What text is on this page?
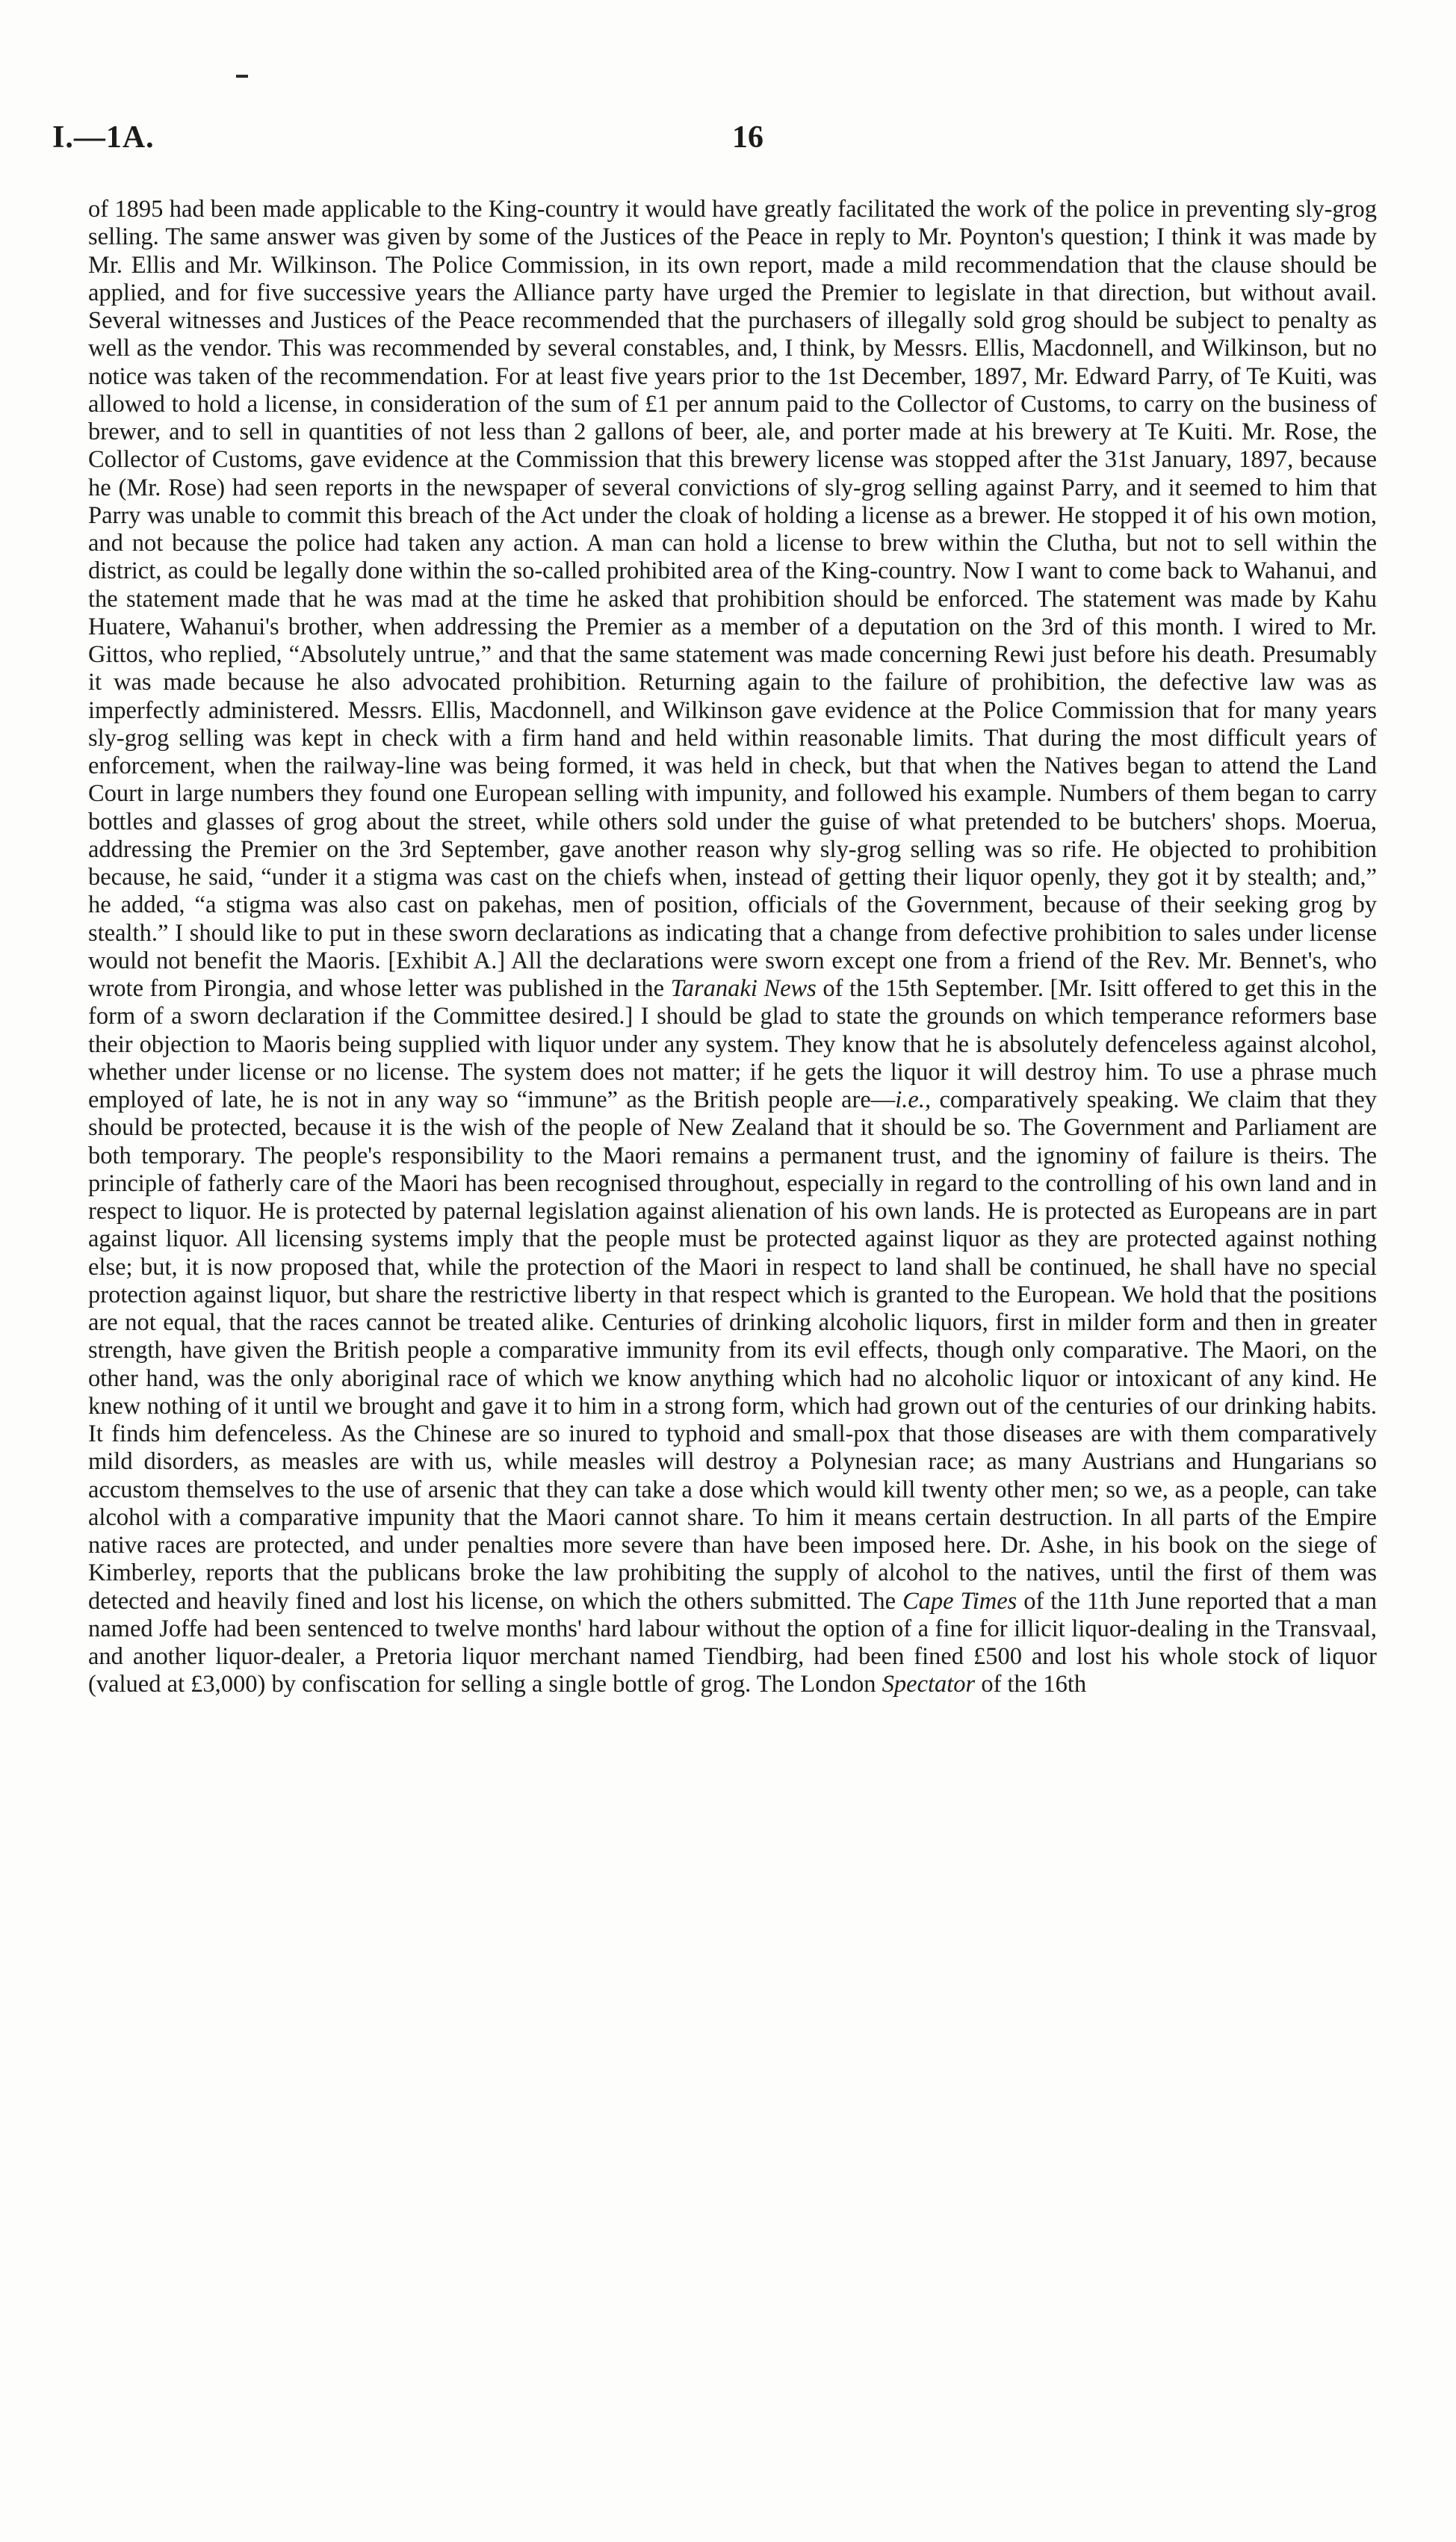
I.—1A.	16
of 1895 had been made applicable to the King-country it would have greatly facilitated the work of the police in preventing sly-grog selling. The same answer was given by some of the Justices of the Peace in reply to Mr. Poynton's question; I think it was made by Mr. Ellis and Mr. Wilkinson. The Police Commission, in its own report, made a mild recommendation that the clause should be applied, and for five successive years the Alliance party have urged the Premier to legislate in that direction, but without avail. Several witnesses and Justices of the Peace recommended that the purchasers of illegally sold grog should be subject to penalty as well as the vendor. This was recommended by several constables, and, I think, by Messrs. Ellis, Macdonnell, and Wilkinson, but no notice was taken of the recommendation. For at least five years prior to the 1st December, 1897, Mr. Edward Parry, of Te Kuiti, was allowed to hold a license, in consideration of the sum of £1 per annum paid to the Collector of Customs, to carry on the business of brewer, and to sell in quantities of not less than 2 gallons of beer, ale, and porter made at his brewery at Te Kuiti. Mr. Rose, the Collector of Customs, gave evidence at the Commission that this brewery license was stopped after the 31st January, 1897, because he (Mr. Rose) had seen reports in the newspaper of several convictions of sly-grog selling against Parry, and it seemed to him that Parry was unable to commit this breach of the Act under the cloak of holding a license as a brewer. He stopped it of his own motion, and not because the police had taken any action. A man can hold a license to brew within the Clutha, but not to sell within the district, as could be legally done within the so-called prohibited area of the King-country. Now I want to come back to Wahanui, and the statement made that he was mad at the time he asked that prohibition should be enforced. The statement was made by Kahu Huatere, Wahanui's brother, when addressing the Premier as a member of a deputation on the 3rd of this month. I wired to Mr. Gittos, who replied, “Absolutely untrue,” and that the same statement was made concerning Rewi just before his death. Presumably it was made because he also advocated prohibition. Returning again to the failure of prohibition, the defective law was as imperfectly administered. Messrs. Ellis, Macdonnell, and Wilkinson gave evidence at the Police Commission that for many years sly-grog selling was kept in check with a firm hand and held within reasonable limits. That during the most difficult years of enforcement, when the railway-line was being formed, it was held in check, but that when the Natives began to attend the Land Court in large numbers they found one European selling with impunity, and followed his example. Numbers of them began to carry bottles and glasses of grog about the street, while others sold under the guise of what pretended to be butchers' shops. Moerua, addressing the Premier on the 3rd September, gave another reason why sly-grog selling was so rife. He objected to prohibition because, he said, “under it a stigma was cast on the chiefs when, instead of getting their liquor openly, they got it by stealth; and,” he added, “a stigma was also cast on pakehas, men of position, officials of the Government, because of their seeking grog by stealth.” I should like to put in these sworn declarations as indicating that a change from defective prohibition to sales under license would not benefit the Maoris. [Exhibit A.] All the declarations were sworn except one from a friend of the Rev. Mr. Bennet's, who wrote from Pirongia, and whose letter was published in the Taranaki News of the 15th September. [Mr. Isitt offered to get this in the form of a sworn declaration if the Committee desired.] I should be glad to state the grounds on which temperance reformers base their objection to Maoris being supplied with liquor under any system. They know that he is absolutely defenceless against alcohol, whether under license or no license. The system does not matter; if he gets the liquor it will destroy him. To use a phrase much employed of late, he is not in any way so “immune” as the British people are—i.e., comparatively speaking. We claim that they should be protected, because it is the wish of the people of New Zealand that it should be so. The Government and Parliament are both temporary. The people's responsibility to the Maori remains a permanent trust, and the ignominy of failure is theirs. The principle of fatherly care of the Maori has been recognised throughout, especially in regard to the controlling of his own land and in respect to liquor. He is protected by paternal legislation against alienation of his own lands. He is protected as Europeans are in part against liquor. All licensing systems imply that the people must be protected against liquor as they are protected against nothing else; but, it is now proposed that, while the protection of the Maori in respect to land shall be continued, he shall have no special protection against liquor, but share the restrictive liberty in that respect which is granted to the European. We hold that the positions are not equal, that the races cannot be treated alike. Centuries of drinking alcoholic liquors, first in milder form and then in greater strength, have given the British people a comparative immunity from its evil effects, though only comparative. The Maori, on the other hand, was the only aboriginal race of which we know anything which had no alcoholic liquor or intoxicant of any kind. He knew nothing of it until we brought and gave it to him in a strong form, which had grown out of the centuries of our drinking habits. It finds him defenceless. As the Chinese are so inured to typhoid and small-pox that those diseases are with them comparatively mild disorders, as measles are with us, while measles will destroy a Polynesian race; as many Austrians and Hungarians so accustom themselves to the use of arsenic that they can take a dose which would kill twenty other men; so we, as a people, can take alcohol with a comparative impunity that the Maori cannot share. To him it means certain destruction. In all parts of the Empire native races are protected, and under penalties more severe than have been imposed here. Dr. Ashe, in his book on the siege of Kimberley, reports that the publicans broke the law prohibiting the supply of alcohol to the natives, until the first of them was detected and heavily fined and lost his license, on which the others submitted. The Cape Times of the 11th June reported that a man named Joffe had been sentenced to twelve months' hard labour without the option of a fine for illicit liquor-dealing in the Transvaal, and another liquor-dealer, a Pretoria liquor merchant named Tiendbirg, had been fined £500 and lost his whole stock of liquor (valued at £3,000) by confiscation for selling a single bottle of grog. The London Spectator of the 16th
